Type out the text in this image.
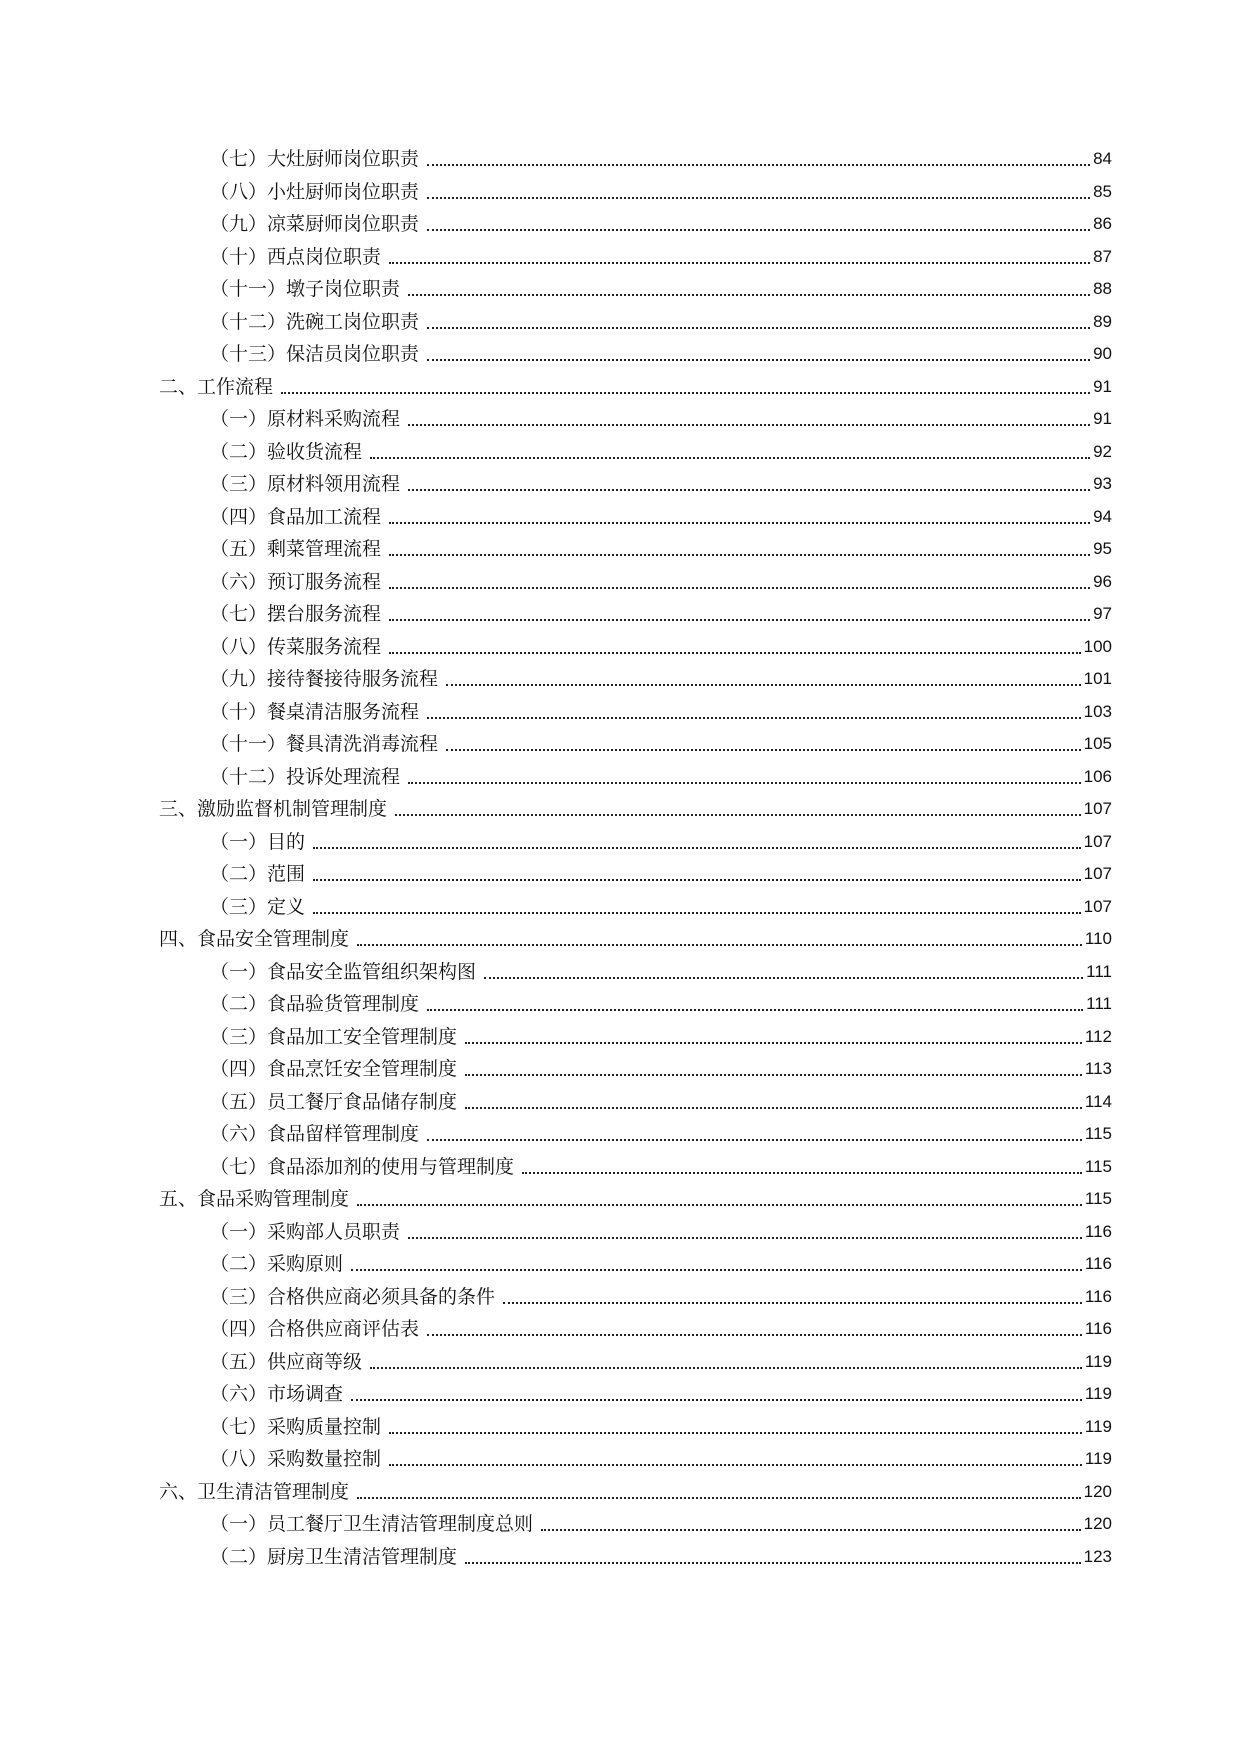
（七）大灶厨师岗位职责	84
（八）小灶厨师岗位职责	85
（九）凉菜厨师岗位职责	86
（十）西点岗位职责	87
（十一）墩子岗位职责	88
（十二）洗碗工岗位职责	89
（十三）保洁员岗位职责	90
二、工作流程	91
（一）原材料采购流程	91
（二）验收货流程	92
（三）原材料领用流程	93
（四）食品加工流程	94
（五）剩菜管理流程	95
（六）预订服务流程	96
（七）摆台服务流程	97
（八）传菜服务流程	100
（九）接待餐接待服务流程	101
（十）餐桌清洁服务流程	103
（十一）餐具清洗消毒流程	105
（十二）投诉处理流程	106
三、激励监督机制管理制度	107
（一）目的	107
（二）范围	107
（三）定义	107
四、食品安全管理制度	110
（一）食品安全监管组织架构图	111
（二）食品验货管理制度	111
（三）食品加工安全管理制度	112
（四）食品烹饪安全管理制度	113
（五）员工餐厅食品储存制度	114
（六）食品留样管理制度	115
（七）食品添加剂的使用与管理制度	115
五、食品采购管理制度	115
（一）采购部人员职责	116
（二）采购原则	116
（三）合格供应商必须具备的条件	116
（四）合格供应商评估表	116
（五）供应商等级	119
（六）市场调查	119
（七）采购质量控制	119
（八）采购数量控制	119
六、卫生清洁管理制度	120
（一）员工餐厅卫生清洁管理制度总则	120
（二）厨房卫生清洁管理制度	123
